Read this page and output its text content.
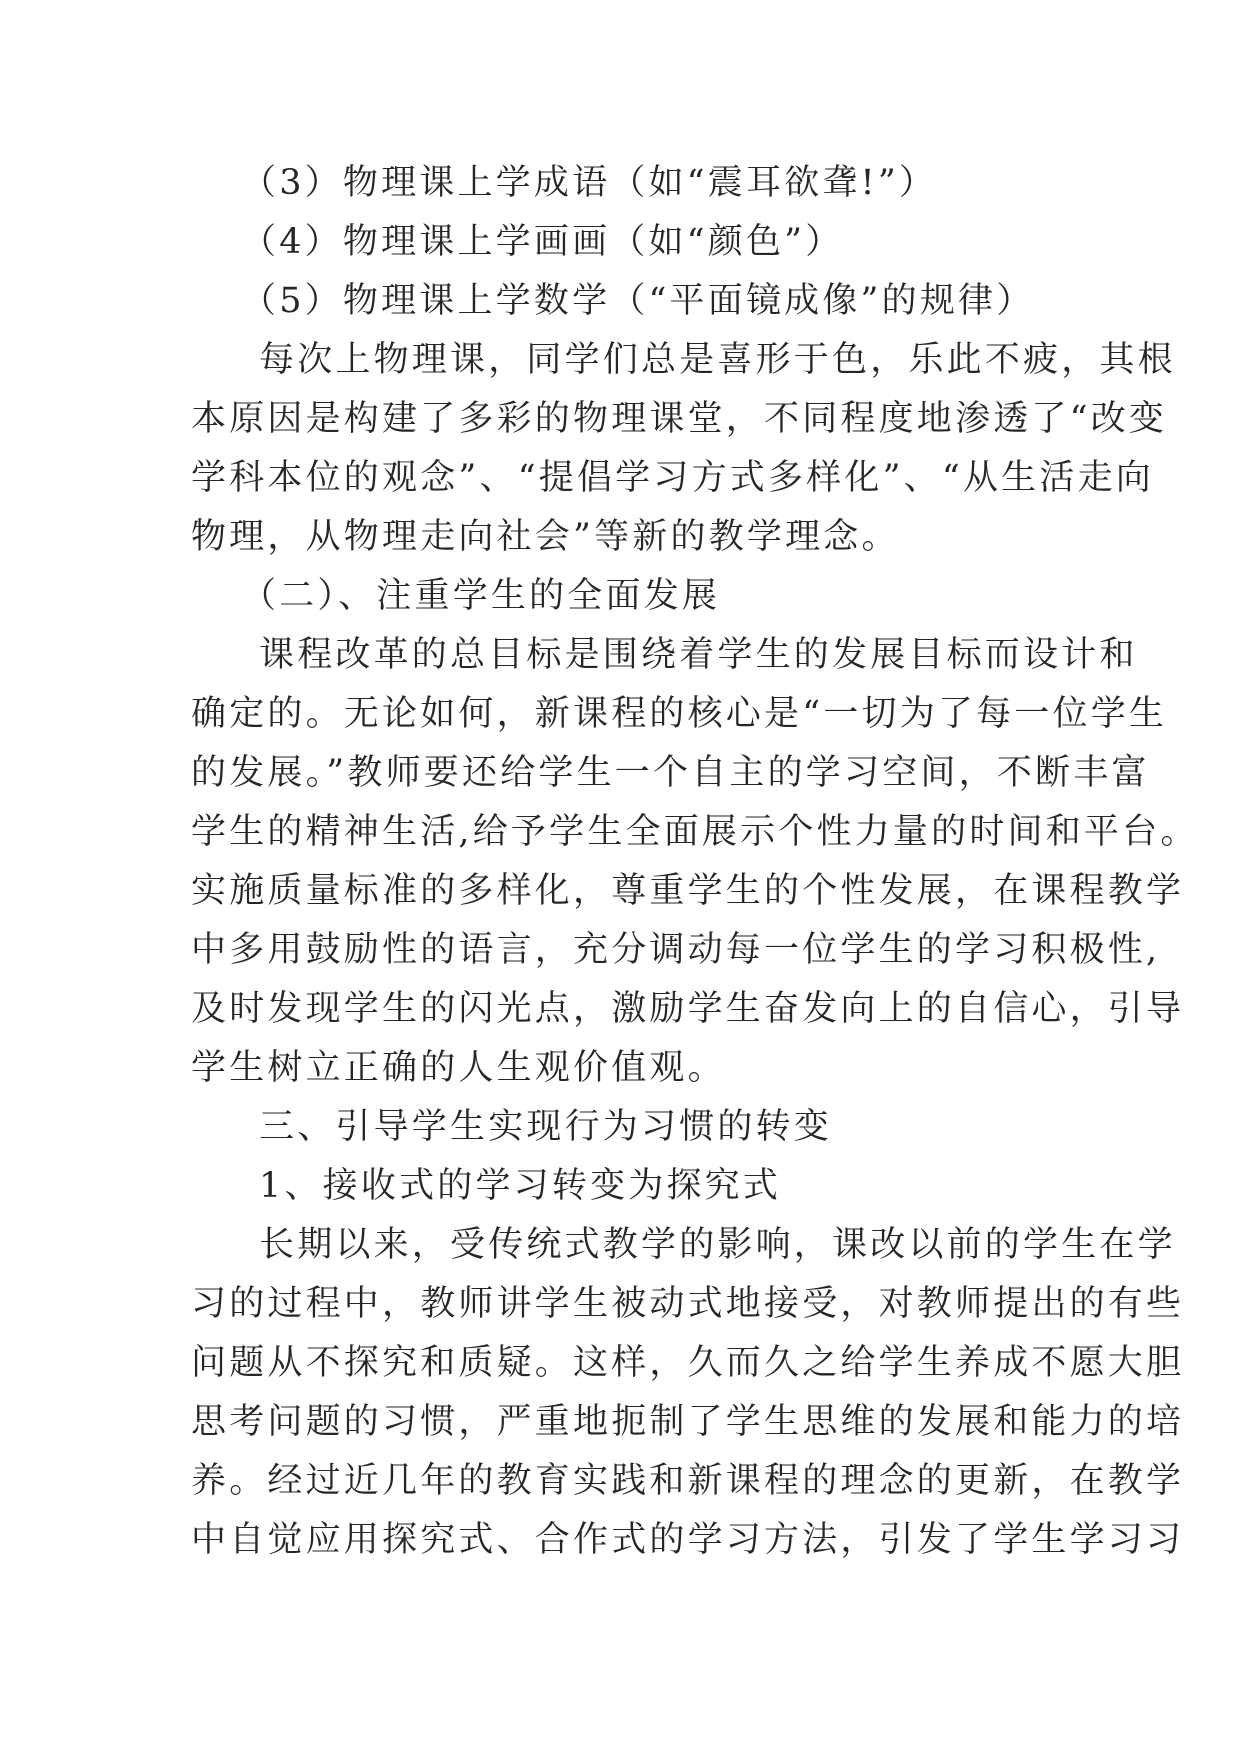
（3）物理课上学成语（如“震耳欲聋!”）
（4）物理课上学画画（如“颜色”）
（5）物理课上学数学（“平面镜成像”的规律）
每次上物理课，同学们总是喜形于色，乐此不疲，其根
本原因是构建了多彩的物理课堂，不同程度地渗透了“改变
学科本位的观念”、“提倡学习方式多样化”、“从生活走向
物理，从物理走向社会”等新的教学理念。
（二）、注重学生的全面发展
课程改革的总目标是围绕着学生的发展目标而设计和
确定的。无论如何，新课程的核心是“一切为了每一位学生
的发展。”教师要还给学生一个自主的学习空间，不断丰富
学生的精神生活,给予学生全面展示个性力量的时间和平台。
实施质量标准的多样化，尊重学生的个性发展，在课程教学
中多用鼓励性的语言，充分调动每一位学生的学习积极性,
及时发现学生的闪光点，激励学生奋发向上的自信心，引导
学生树立正确的人生观价值观。
三、引导学生实现行为习惯的转变
1、接收式的学习转变为探究式
长期以来，受传统式教学的影响，课改以前的学生在学
习的过程中，教师讲学生被动式地接受，对教师提出的有些
问题从不探究和质疑。这样，久而久之给学生养成不愿大胆
思考问题的习惯，严重地扼制了学生思维的发展和能力的培
养。经过近几年的教育实践和新课程的理念的更新，在教学
中自觉应用探究式、合作式的学习方法，引发了学生学习习
